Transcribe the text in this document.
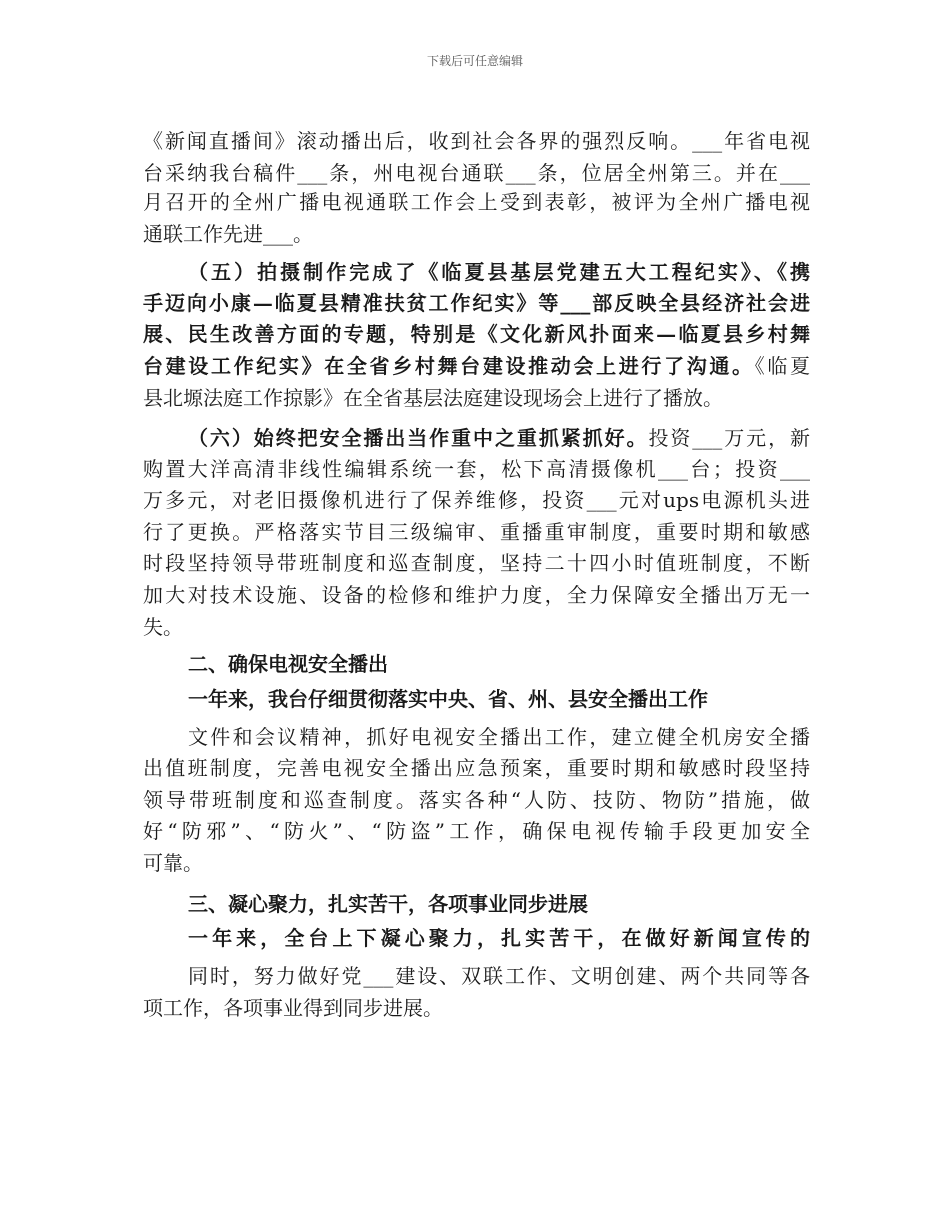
下载后可任意编辑
《新闻直播间》滚动播出后，收到社会各界的强烈反响。___年省电视
台采纳我台稿件___条，州电视台通联___条，位居全州第三。并在___
月召开的全州广播电视通联工作会上受到表彰，被评为全州广播电视
通联工作先进___。
（五）拍摄制作完成了《临夏县基层党建五大工程纪实》、《携
手迈向小康—临夏县精准扶贫工作纪实》等___部反映全县经济社会进
展、民生改善方面的专题，特别是《文化新风扑面来—临夏县乡村舞
台建设工作纪实》在全省乡村舞台建设推动会上进行了沟通。《临夏
县北塬法庭工作掠影》在全省基层法庭建设现场会上进行了播放。
（六）始终把安全播出当作重中之重抓紧抓好。投资___万元，新
购置大洋高清非线性编辑系统一套，松下高清摄像机___台；投资___
万多元，对老旧摄像机进行了保养维修，投资___元对ups电源机头进
行了更换。严格落实节目三级编审、重播重审制度，重要时期和敏感
时段坚持领导带班制度和巡查制度，坚持二十四小时值班制度，不断
加大对技术设施、设备的检修和维护力度，全力保障安全播出万无一
失。
二、确保电视安全播出
一年来，我台仔细贯彻落实中央、省、州、县安全播出工作
文件和会议精神，抓好电视安全播出工作，建立健全机房安全播
出值班制度，完善电视安全播出应急预案，重要时期和敏感时段坚持
领导带班制度和巡查制度。落实各种“人防、技防、物防”措施，做
好“防邪”、“防火”、“防盗”工作，确保电视传输手段更加安全
可靠。
三、凝心聚力，扎实苦干，各项事业同步进展
一年来，全台上下凝心聚力，扎实苦干，在做好新闻宣传的
同时，努力做好党___建设、双联工作、文明创建、两个共同等各
项工作，各项事业得到同步进展。
